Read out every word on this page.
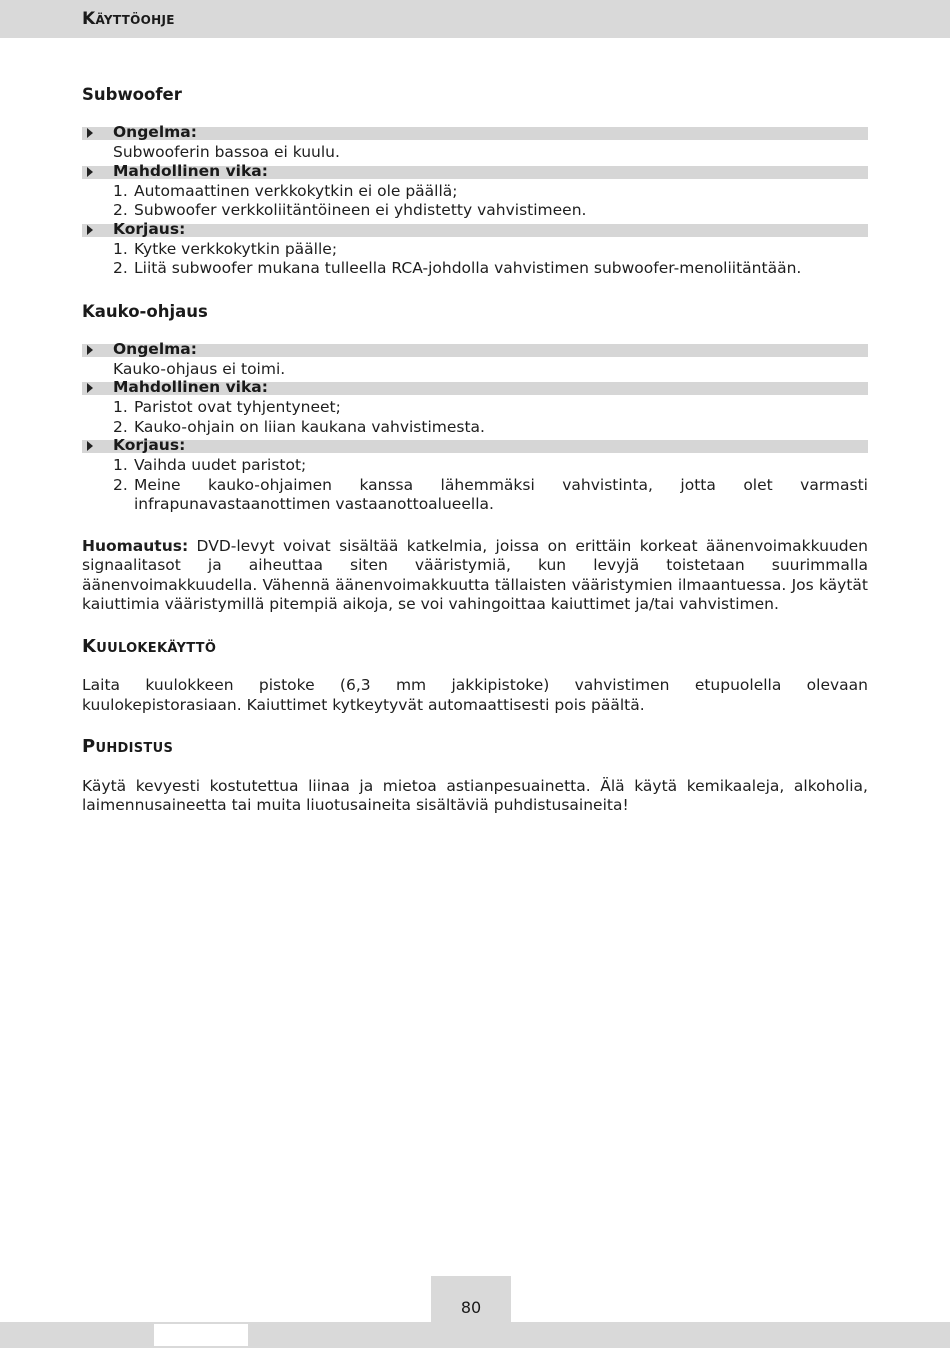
Käyttöohje
Subwoofer
Ongelma:
Subwooferin bassoa ei kuulu.
Mahdollinen vika:
1. Automaattinen verkkokytkin ei ole päällä;
2. Subwoofer verkkoliitäntöineen ei yhdistetty vahvistimeen.
Korjaus:
1. Kytke verkkokytkin päälle;
2. Liitä subwoofer mukana tulleella RCA-johdolla vahvistimen subwoofer-menoliitäntään.
Kauko-ohjaus
Ongelma:
Kauko-ohjaus ei toimi.
Mahdollinen vika:
1. Paristot ovat tyhjentyneet;
2. Kauko-ohjain on liian kaukana vahvistimesta.
Korjaus:
1. Vaihda uudet paristot;
2. Meine kauko-ohjaimen kanssa lähemmäksi vahvistinta, jotta olet varmasti infrapunavastaanottimen vastaanottoalueella.

Huomautus: DVD-levyt voivat sisältää katkelmia, joissa on erittäin korkeat äänenvoimakkuuden signaalitasot ja aiheuttaa siten vääristymiä, kun levyjä toistetaan suurimmalla äänenvoimakkuudella. Vähennä äänenvoimakkuutta tällaisten vääristymien ilmaantuessa. Jos käytät kaiuttimia vääristymillä pitempiä aikoja, se voi vahingoittaa kaiuttimet ja/tai vahvistimen.

Kuulokekäyttö

Laita kuulokkeen pistoke (6,3 mm jakkipistoke) vahvistimen etupuolella olevaan kuulokepistorasiaan. Kaiuttimet kytkeytyvät automaattisesti pois päältä.

Puhdistus

Käytä kevyesti kostutettua liinaa ja mietoa astianpesuainetta. Älä käytä kemikaaleja, alkoholia, laimennusaineetta tai muita liuotusaineita sisältäviä puhdistusaineita!

80
